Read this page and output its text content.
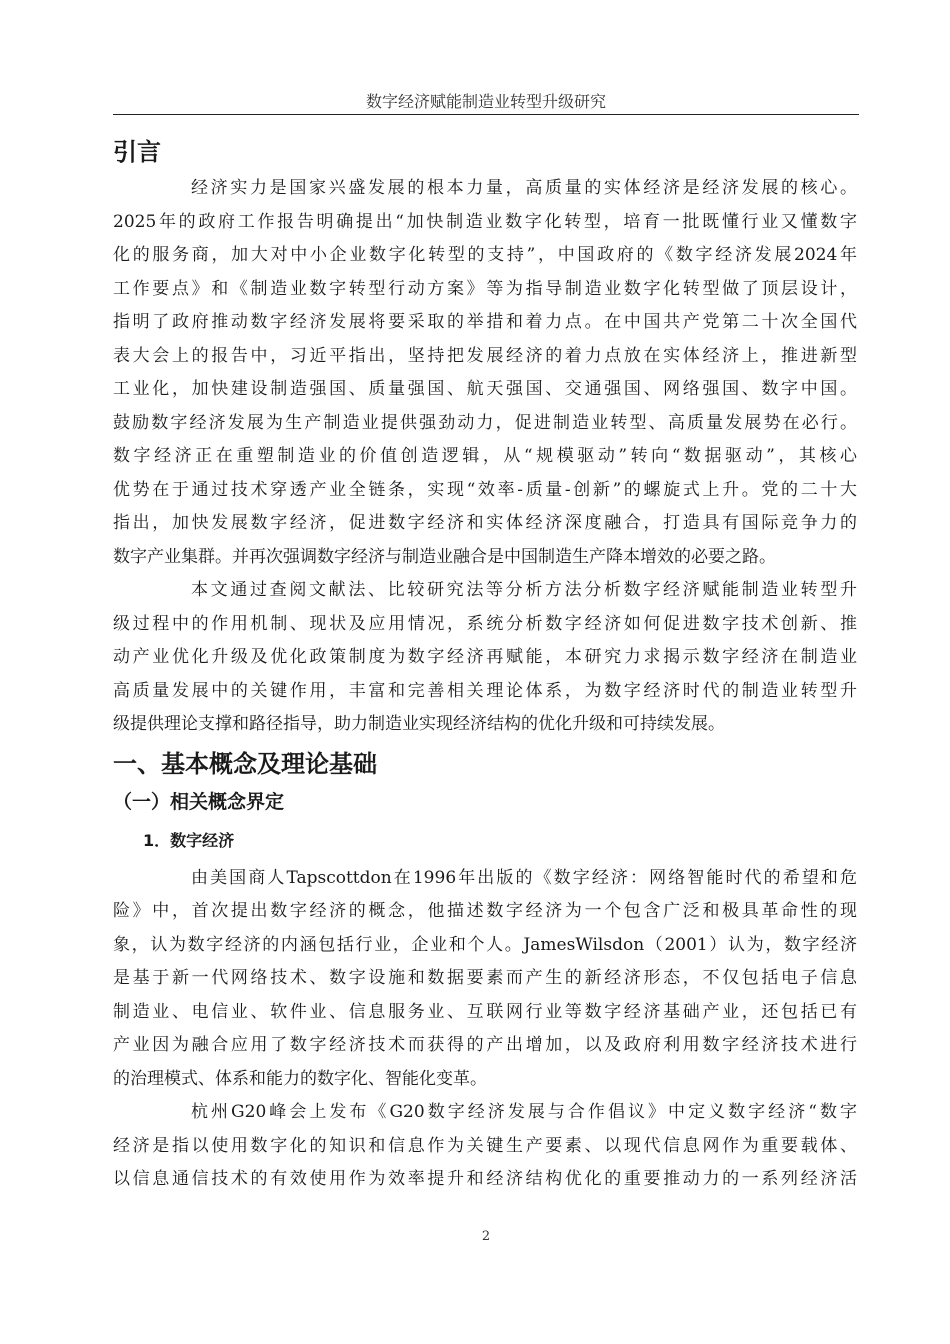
数字经济赋能制造业转型升级研究
引言

经济实力是国家兴盛发展的根本力量，高质量的实体经济是经济发展的核心。
2025年的政府工作报告明确提出“加快制造业数字化转型，培育一批既懂行业又懂数字
化的服务商，加大对中小企业数字化转型的支持”，中国政府的《数字经济发展2024年
工作要点》和《制造业数字转型行动方案》等为指导制造业数字化转型做了顶层设计，
指明了政府推动数字经济发展将要采取的举措和着力点。在中国共产党第二十次全国代
表大会上的报告中，习近平指出，坚持把发展经济的着力点放在实体经济上，推进新型
工业化，加快建设制造强国、质量强国、航天强国、交通强国、网络强国、数字中国。
鼓励数字经济发展为生产制造业提供强劲动力，促进制造业转型、高质量发展势在必行。
数字经济正在重塑制造业的价值创造逻辑，从“规模驱动”转向“数据驱动”，其核心
优势在于通过技术穿透产业全链条，实现“效率-质量-创新”的螺旋式上升。党的二十大
指出，加快发展数字经济，促进数字经济和实体经济深度融合，打造具有国际竞争力的
数字产业集群。并再次强调数字经济与制造业融合是中国制造生产降本增效的必要之路。

本文通过查阅文献法、比较研究法等分析方法分析数字经济赋能制造业转型升
级过程中的作用机制、现状及应用情况，系统分析数字经济如何促进数字技术创新、推
动产业优化升级及优化政策制度为数字经济再赋能，本研究力求揭示数字经济在制造业
高质量发展中的关键作用，丰富和完善相关理论体系，为数字经济时代的制造业转型升
级提供理论支撑和路径指导，助力制造业实现经济结构的优化升级和可持续发展。

一、基本概念及理论基础
（一）相关概念界定
1．数字经济

由美国商人Tapscottdon在1996年出版的《数字经济：网络智能时代的希望和危
险》中，首次提出数字经济的概念，他描述数字经济为一个包含广泛和极具革命性的现
象，认为数字经济的内涵包括行业，企业和个人。JamesWilsdon（2001）认为，数字经济
是基于新一代网络技术、数字设施和数据要素而产生的新经济形态，不仅包括电子信息
制造业、电信业、软件业、信息服务业、互联网行业等数字经济基础产业，还包括已有
产业因为融合应用了数字经济技术而获得的产出增加，以及政府利用数字经济技术进行
的治理模式、体系和能力的数字化、智能化变革。

杭州G20峰会上发布《G20数字经济发展与合作倡议》中定义数字经济“数字
经济是指以使用数字化的知识和信息作为关键生产要素、以现代信息网作为重要载体、
以信息通信技术的有效使用作为效率提升和经济结构优化的重要推动力的一系列经济活

2
